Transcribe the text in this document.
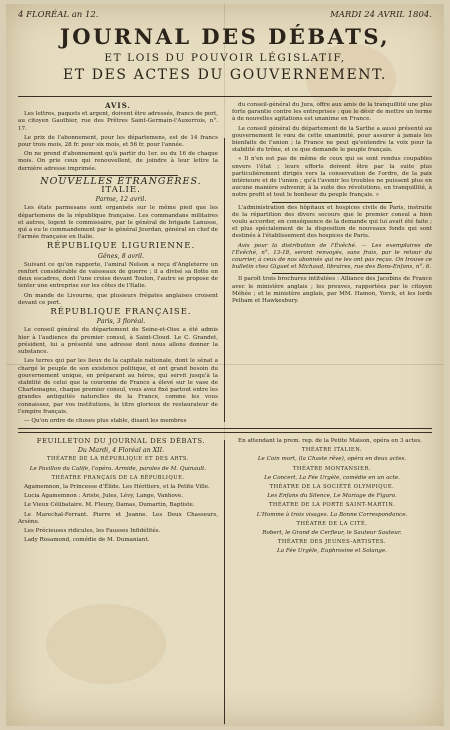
4 FLORÉAL an 12.	MARDI 24 AVRIL 1804.
JOURNAL DES DÉBATS,
ET LOIS DU POUVOIR LÉGISLATIF,
ET DES ACTES DU GOUVERNEMENT.

AVIS.

Les lettres, paquets et argent, doivent être adressés, francs de port, au citoyen Gauthier, rue des Prêtres Saint-Germain-l'Auxerrois, n°. 17.

Le prix de l'abonnement, pour les départemens, est de 14 francs pour trois mois, 28 fr. pour six mois, et 56 fr. pour l'année.

On ne prend d'abonnement qu'à partir du 1er. ou du 16 de chaque mois. On prie ceux qui renouvellent, de joindre à leur lettre la dernière adresse imprimée.

NOUVELLES ÉTRANGÈRES.

ITALIE.

Parme, 12 avril.

Les états parmesans sont organisés sur le même pied que les départemens de la république française. Les commandans militaires et autres, logent le commissaire, par le général de brigade Lanusse, qui a eu le commandement par le général Jourdan, général en chef de l'armée française en Italie.

RÉPUBLIQUE LIGURIENNE.

Gênes, 8 avril.

Suivant ce qu'on rapporte, l'amiral Nelson a reçu d'Angleterre un renfort considérable de vaisseaux de guerre ; il a divisé sa flotte en deux escadres, dont l'une croise devant Toulon, l'autre se propose de tenter une entreprise sur les côtes de l'Italie.

On mande de Livourne, que plusieurs frégates anglaises croisent devant ce port.

RÉPUBLIQUE FRANÇAISE.

Paris, 3 floréal.

Le conseil général du département de Seine-et-Oise a été admis hier à l'audience du premier consul, à Saint-Cloud. Le C. Grandet, président, lui a présenté une adresse dont nous allons donner la substance.

Les terres qui par les lieux de la capitale nationale, dont le sénat a chargé le peuple de son existence politique, et ont grand besoin du gouvernement unique, en préparant au héros, qui servit jusqu'à la stabilité de celui que la couronne de France a élevé sur le vase de Charlemagne, chaque premier consul, vous avez fixé partout entre les grandes antiquités naturelles de la France, comme les vous connaissez, par vos institutions, le titre glorieux de restaurateur de l'empire français.

— Qu'on ordre de choses plus stable, disant les membres

du conseil-général du Jura, offre aux amis de la tranquillité une plus forte garantie contre les entreprises ; que le désir de mettre un terme à de nouvelles agitations est unanime en France.

Le conseil général du département de la Sarthe a aussi présenté au gouvernement le vœu de cette unanimité, pour assurer à jamais les bienfaits de l'union ; la France ne peut qu'entendre la voix pour la stabilité du trône, et ce que demande le peuple français.

« Il n'en est pas de même de ceux qui se sont rendus coupables envers l'état ; leurs efforts doivent être par la suite plus particulièrement dirigés vers la conservation de l'ordre, de la paix intérieure et de l'union ; qu'à l'avenir les troubles ne puissent plus en aucune manière subvenir, à la suite des révolutions, en tranquillité, à notre profit et tout le bonheur du peuple français. »

L'administration des hôpitaux et hospices civils de Paris, instruite de la répartition des divers secours que le premier consul a bien voulu accorder, en conséquence de la demande qui lui avait été faite ; et plus spécialement de la disposition de nouveaux fonds qui sont destinés à l'établissement des hospices de Paris.

Avis pour la distribution de l'Évêché. — Les exemplaires de l'Évêché, n°. 13-18, seront renvoyés, sans frais, par le retour du courrier, à ceux de nos abonnés qui ne les ont pas reçus. On trouve ce bulletin chez Giguet et Michaud, libraires, rue des Bons-Enfans, n°. 6.

Il paroît trois brochures intitulées : Alliance des Jacobins de France avec le ministère anglais ; les preuves, rapportées par le citoyen Méhée ; et le ministère anglais, par MM. Hamon, Yorck, et les lords Pelham et Hawkesbury.

FEUILLETON DU JOURNAL DES DÉBATS.

Du Mardi, 4 Floréal an XII.

THÉATRE DE LA RÉPUBLIQUE ET DES ARTS.

Le Pavillon du Calife, l'opéra. Armide, paroles de M. Quinault.

THÉATRE FRANÇAIS DE LA RÉPUBLIQUE.

Agamemnon, la Princesse d'Élide. Les Héritiers, et la Petite Ville.

Lucia Agamemnon : Ariste, Jules, Lévy, Lange, Vanhove.

Le Vieux Célibataire. M. Fleury, Damas, Dumartin, Baptiste.

Le Marechal-Ferrant. Pierre et Jeanne. Les Deux Chasseurs, Arsène.

Les Précieuses ridicules, les Fausses Infidélités.

Lady Rosamond, comédie de M. Dumaniant.

En attendant la prem. rep. de la Petite Maison, opéra en 3 actes.

THÉATRE ITALIEN.

Le Coin mort, (la Chaste rêve), opéra en deux actes.

THÉATRE MONTANSIER.

Le Concert, La Fée Urgèle, comédie en un acte.

THÉATRE DE LA SOCIÉTÉ OLYMPIQUE.

Les Enfans du Silence, Le Mariage de Figaro.

THÉATRE DE LA PORTE SAINT-MARTIN.

L'Homme à trois visages. La Bonne Correspondance.

THÉATRE DE LA CITÉ.

Robert, le Grand de Cerfleur, le Sauteur Sauteur.

THÉATRE DES JEUNES-ARTISTES.

La Fée Urgèle, Euphrosine et Solange.
